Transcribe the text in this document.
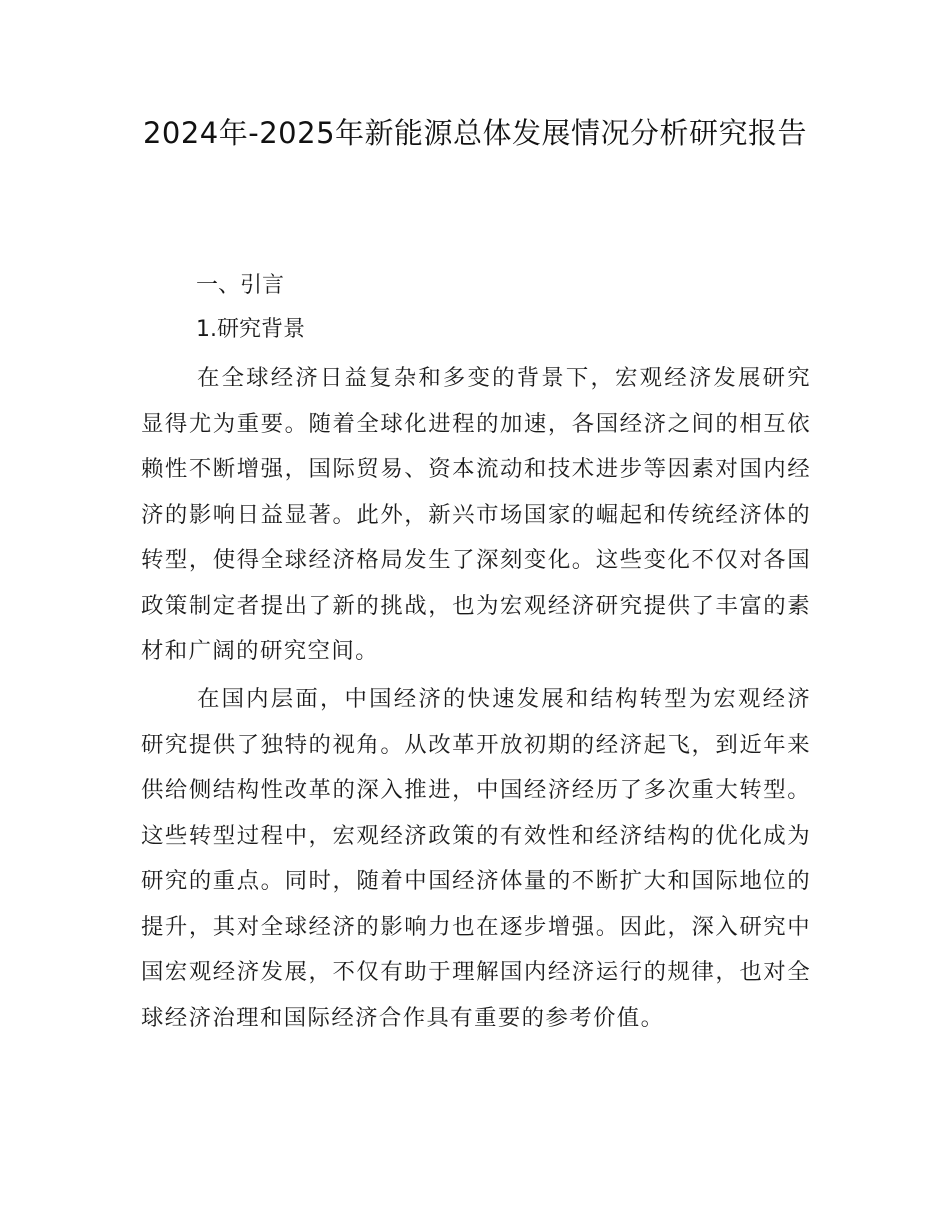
2024年-2025年新能源总体发展情况分析研究报告
一、引言
1.研究背景

在全球经济日益复杂和多变的背景下，宏观经济发展研究显得尤为重要。随着全球化进程的加速，各国经济之间的相互依赖性不断增强，国际贸易、资本流动和技术进步等因素对国内经济的影响日益显著。此外，新兴市场国家的崛起和传统经济体的转型，使得全球经济格局发生了深刻变化。这些变化不仅对各国政策制定者提出了新的挑战，也为宏观经济研究提供了丰富的素材和广阔的研究空间。

在国内层面，中国经济的快速发展和结构转型为宏观经济研究提供了独特的视角。从改革开放初期的经济起飞，到近年来供给侧结构性改革的深入推进，中国经济经历了多次重大转型。这些转型过程中，宏观经济政策的有效性和经济结构的优化成为研究的重点。同时，随着中国经济体量的不断扩大和国际地位的提升，其对全球经济的影响力也在逐步增强。因此，深入研究中国宏观经济发展，不仅有助于理解国内经济运行的规律，也对全球经济治理和国际经济合作具有重要的参考价值。
